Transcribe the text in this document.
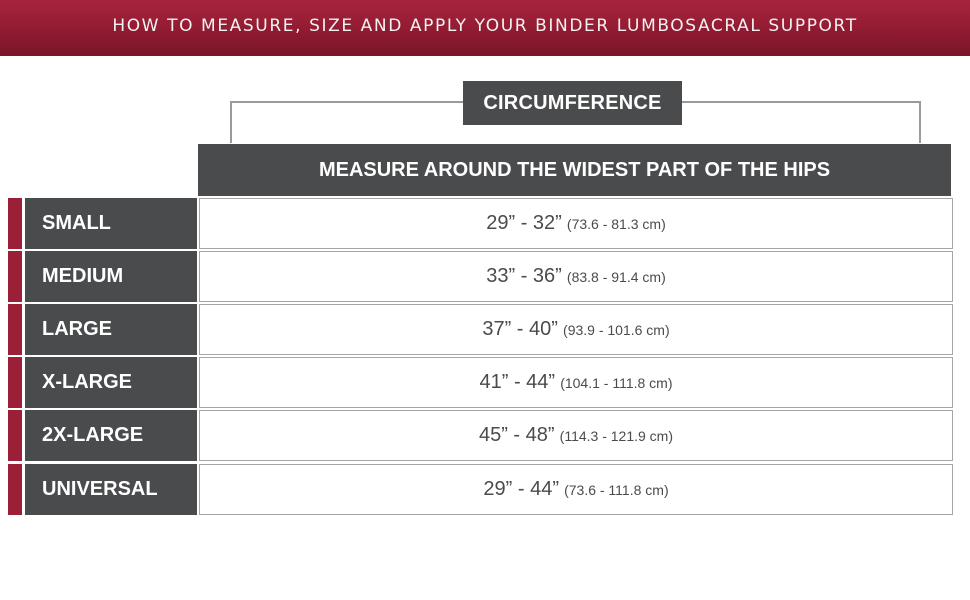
HOW TO MEASURE, SIZE AND APPLY YOUR BINDER LUMBOSACRAL SUPPORT
CIRCUMFERENCE
MEASURE AROUND THE WIDEST PART OF THE HIPS
SMALL	29” - 32” (73.6 - 81.3 cm)
MEDIUM	33” - 36” (83.8 - 91.4 cm)
LARGE	37” - 40” (93.9 - 101.6 cm)
X-LARGE	41” - 44” (104.1 - 111.8 cm)
2X-LARGE	45” - 48” (114.3 - 121.9 cm)
UNIVERSAL	29” - 44” (73.6 - 111.8 cm)
